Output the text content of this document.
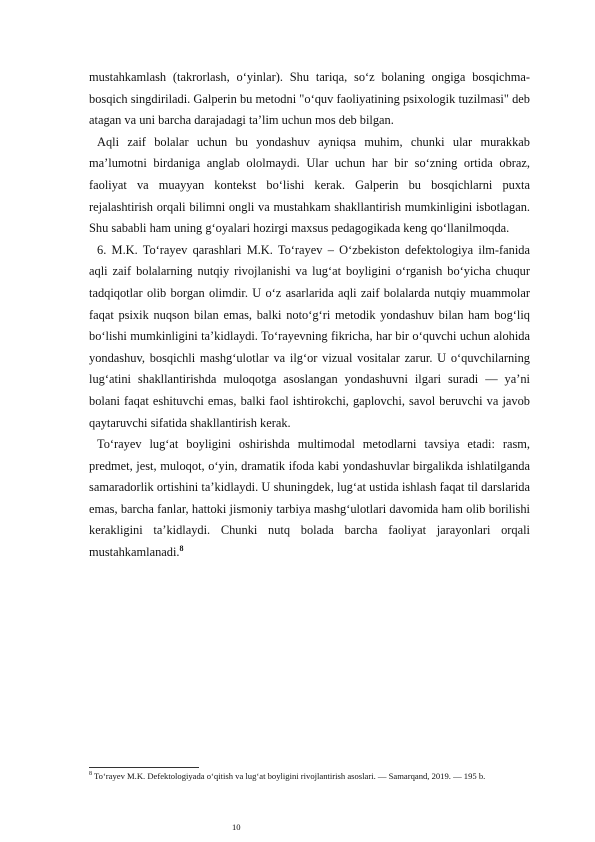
mustahkamlash (takrorlash, o‘yinlar). Shu tariqa, so‘z bolaning ongiga bosqichma-bosqich singdiriladi. Galperin bu metodni "o‘quv faoliyatining psixologik tuzilmasi" deb atagan va uni barcha darajadagi ta’lim uchun mos deb bilgan.

Aqli zaif bolalar uchun bu yondashuv ayniqsa muhim, chunki ular murakkab ma’lumotni birdaniga anglab ololmaydi. Ular uchun har bir so‘zning ortida obraz, faoliyat va muayyan kontekst bo‘lishi kerak. Galperin bu bosqichlarni puxta rejalashtirish orqali bilimni ongli va mustahkam shakllantirish mumkinligini isbotlagan. Shu sababli ham uning g‘oyalari hozirgi maxsus pedagogikada keng qo‘llanilmoqda.

6. M.K. To‘rayev qarashlari M.K. To‘rayev – O‘zbekiston defektologiya ilm-fanida aqli zaif bolalarning nutqiy rivojlanishi va lug‘at boyligini o‘rganish bo‘yicha chuqur tadqiqotlar olib borgan olimdir. U o‘z asarlarida aqli zaif bolalarda nutqiy muammolar faqat psixik nuqson bilan emas, balki noto‘g‘ri metodik yondashuv bilan ham bog‘liq bo‘lishi mumkinligini ta’kidlaydi. To‘rayevning fikricha, har bir o‘quvchi uchun alohida yondashuv, bosqichli mashg‘ulotlar va ilg‘or vizual vositalar zarur. U o‘quvchilarning lug‘atini shakllantirishda muloqotga asoslangan yondashuvni ilgari suradi — ya’ni bolani faqat eshituvchi emas, balki faol ishtirokchi, gaplovchi, savol beruvchi va javob qaytaruvchi sifatida shakllantirish kerak.

To‘rayev lug‘at boyligini oshirishda multimodal metodlarni tavsiya etadi: rasm, predmet, jest, muloqot, o‘yin, dramatik ifoda kabi yondashuvlar birgalikda ishlatilganda samaradorlik ortishini ta’kidlaydi. U shuningdek, lug‘at ustida ishlash faqat til darslarida emas, barcha fanlar, hattoki jismoniy tarbiya mashg‘ulotlari davomida ham olib borilishi kerakligini ta’kidlaydi. Chunki nutq bolada barcha faoliyat jarayonlari orqali mustahkamlanadi.$^8$

$^8$ To‘rayev M.K. Defektologiyada o‘qitish va lug‘at boyligini rivojlantirish asoslari. — Samarqand, 2019. — 195 b.

10
